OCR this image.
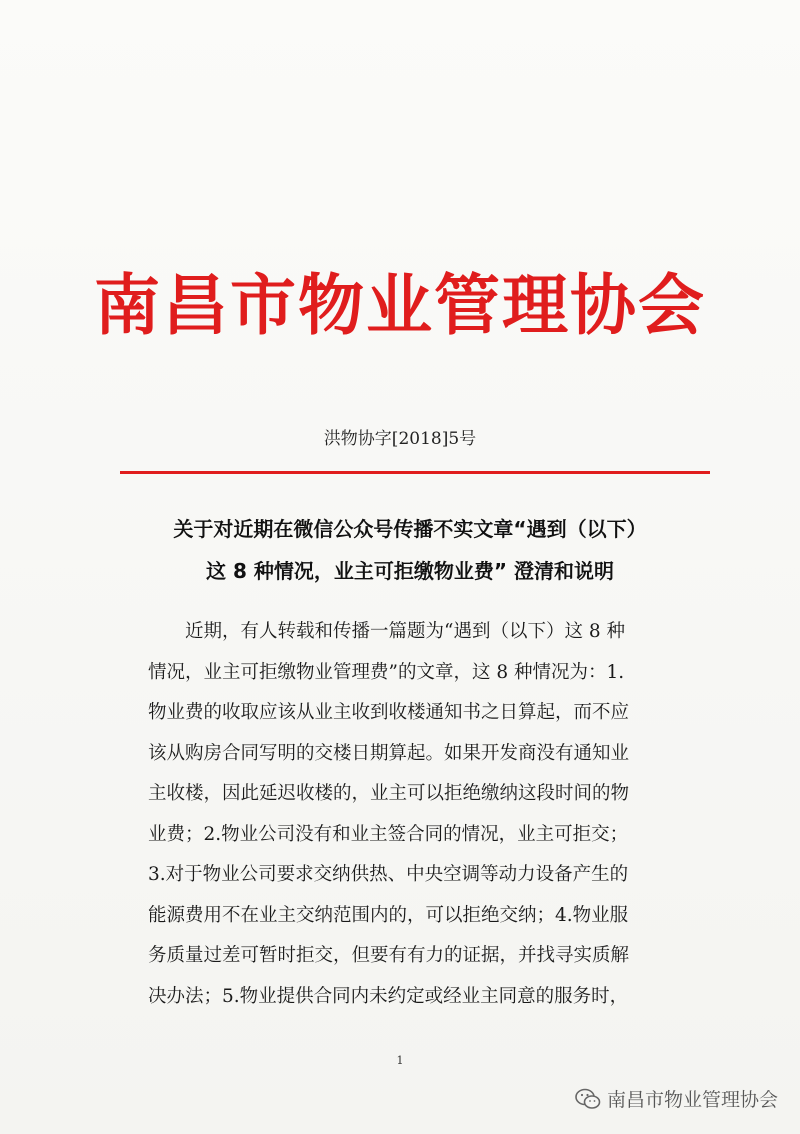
南昌市物业管理协会
洪物协字[2018]5号
关于对近期在微信公众号传播不实文章“遇到（以下）
这 8 种情况，业主可拒缴物业费” 澄清和说明
　　近期，有人转载和传播一篇题为“遇到（以下）这 8 种
情况，业主可拒缴物业管理费”的文章，这 8 种情况为：1.
物业费的收取应该从业主收到收楼通知书之日算起，而不应
该从购房合同写明的交楼日期算起。如果开发商没有通知业
主收楼，因此延迟收楼的，业主可以拒绝缴纳这段时间的物
业费；2.物业公司没有和业主签合同的情况，业主可拒交；
3.对于物业公司要求交纳供热、中央空调等动力设备产生的
能源费用不在业主交纳范围内的，可以拒绝交纳；4.物业服
务质量过差可暂时拒交，但要有有力的证据，并找寻实质解
决办法；5.物业提供合同内未约定或经业主同意的服务时，
1
南昌市物业管理协会
